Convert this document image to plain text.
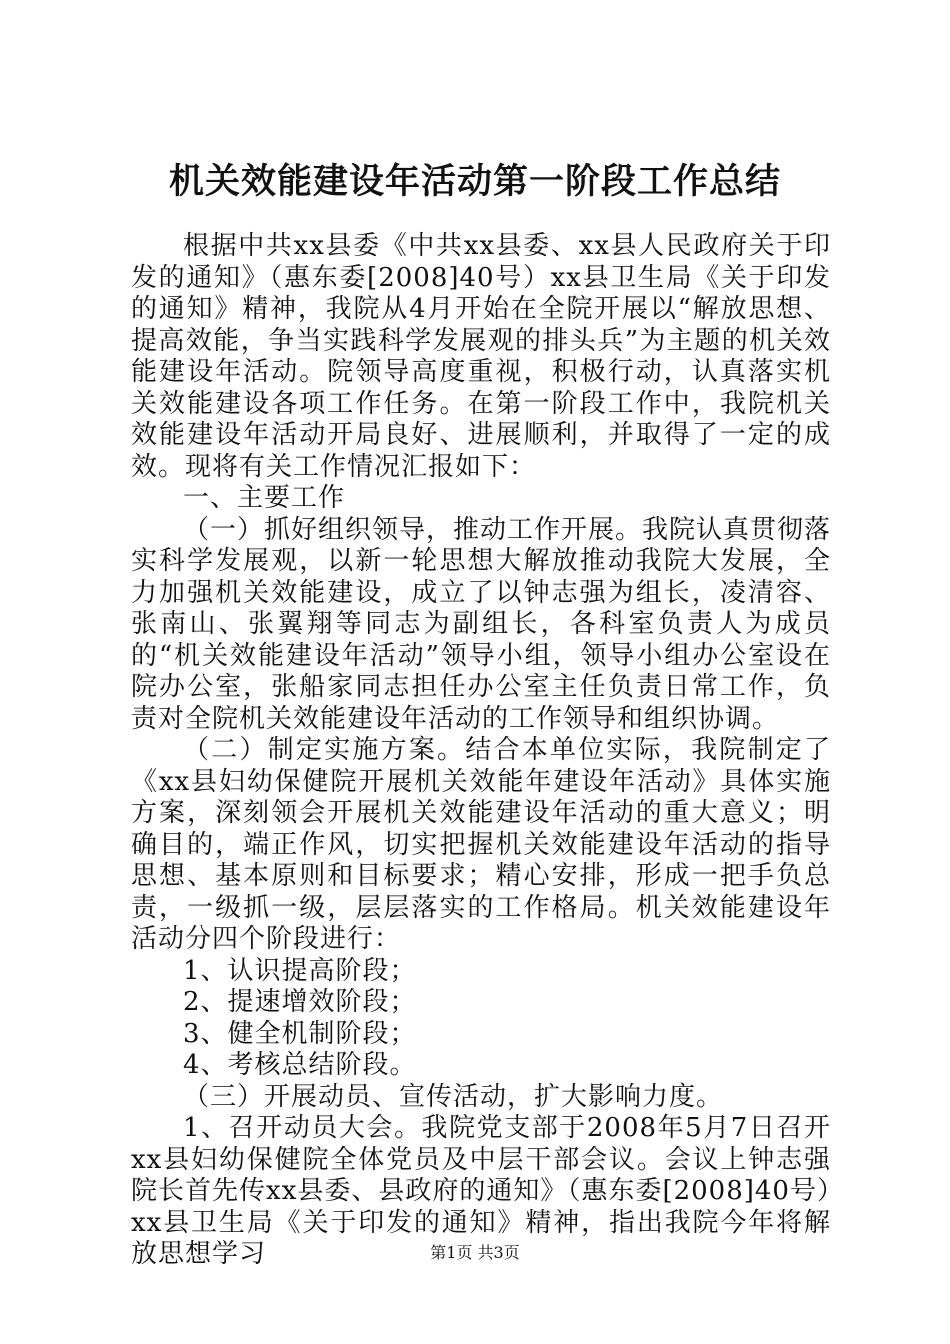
机关效能建设年活动第一阶段工作总结

根据中共xx县委《中共xx县委、xx县人民政府关于印发的通知》（惠东委[2008]40号）xx县卫生局《关于印发的通知》精神，我院从4月开始在全院开展以“解放思想、提高效能，争当实践科学发展观的排头兵”为主题的机关效能建设年活动。院领导高度重视，积极行动，认真落实机关效能建设各项工作任务。在第一阶段工作中，我院机关效能建设年活动开局良好、进展顺利，并取得了一定的成效。现将有关工作情况汇报如下：

一、主要工作

（一）抓好组织领导，推动工作开展。我院认真贯彻落实科学发展观，以新一轮思想大解放推动我院大发展，全力加强机关效能建设，成立了以钟志强为组长，凌清容、张南山、张翼翔等同志为副组长，各科室负责人为成员的“机关效能建设年活动”领导小组，领导小组办公室设在院办公室，张船家同志担任办公室主任负责日常工作，负责对全院机关效能建设年活动的工作领导和组织协调。

（二）制定实施方案。结合本单位实际，我院制定了《xx县妇幼保健院开展机关效能年建设年活动》具体实施方案，深刻领会开展机关效能建设年活动的重大意义；明确目的，端正作风，切实把握机关效能建设年活动的指导思想、基本原则和目标要求；精心安排，形成一把手负总责，一级抓一级，层层落实的工作格局。机关效能建设年活动分四个阶段进行：

1、认识提高阶段；

2、提速增效阶段；

3、健全机制阶段；

4、考核总结阶段。

（三）开展动员、宣传活动，扩大影响力度。

1、召开动员大会。我院党支部于2008年5月7日召开xx县妇幼保健院全体党员及中层干部会议。会议上钟志强院长首先传xx县委、县政府的通知》（惠东委[2008]40号）xx县卫生局《关于印发的通知》精神，指出我院今年将解放思想学习	第1页 共3页
